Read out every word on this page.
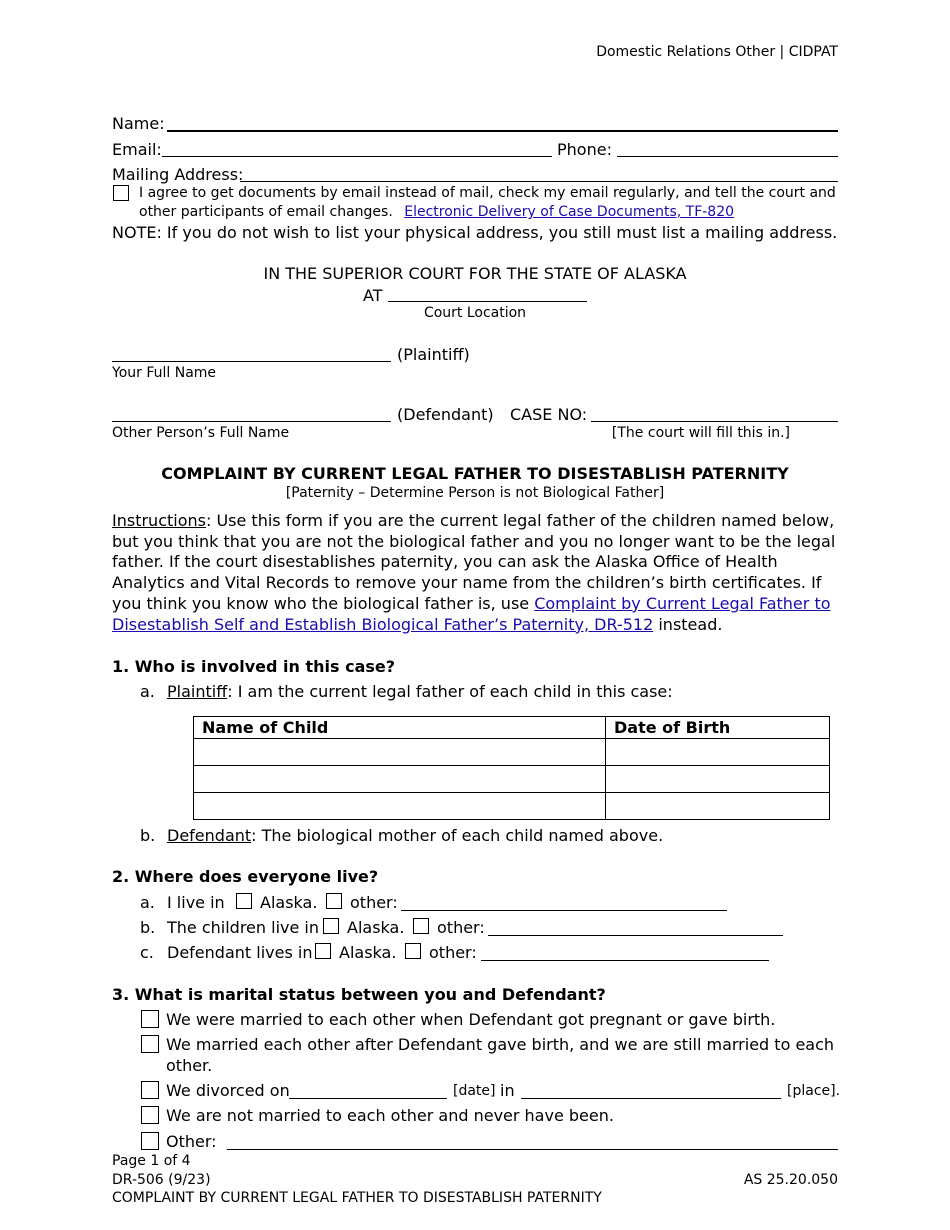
Domestic Relations Other | CIDPAT
Name:
Email:	Phone:
Mailing Address:
I agree to get documents by email instead of mail, check my email regularly, and tell the court and
other participants of email changes. Electronic Delivery of Case Documents, TF-820
NOTE: If you do not wish to list your physical address, you still must list a mailing address.
IN THE SUPERIOR COURT FOR THE STATE OF ALASKA
AT
Court Location
(Plaintiff)
Your Full Name
(Defendant) CASE NO:
Other Person’s Full Name	[The court will fill this in.]
COMPLAINT BY CURRENT LEGAL FATHER TO DISESTABLISH PATERNITY
[Paternity – Determine Person is not Biological Father]
Instructions: Use this form if you are the current legal father of the children named below, but you think that you are not the biological father and you no longer want to be the legal father. If the court disestablishes paternity, you can ask the Alaska Office of Health Analytics and Vital Records to remove your name from the children’s birth certificates. If you think you know who the biological father is, use Complaint by Current Legal Father to Disestablish Self and Establish Biological Father’s Paternity, DR-512 instead.
1. Who is involved in this case?
a. Plaintiff: I am the current legal father of each child in this case:
Name of Child	Date of Birth

b. Defendant: The biological mother of each child named above.
2. Where does everyone live?
a. I live in Alaska. other:
b. The children live in Alaska. other:
c. Defendant lives in Alaska. other:
3. What is marital status between you and Defendant?
We were married to each other when Defendant got pregnant or gave birth.
We married each other after Defendant gave birth, and we are still married to each
other.
We divorced on	[date] in	[place].
We are not married to each other and never have been.
Other:
Page 1 of 4
DR-506 (9/23)	AS 25.20.050
COMPLAINT BY CURRENT LEGAL FATHER TO DISESTABLISH PATERNITY
